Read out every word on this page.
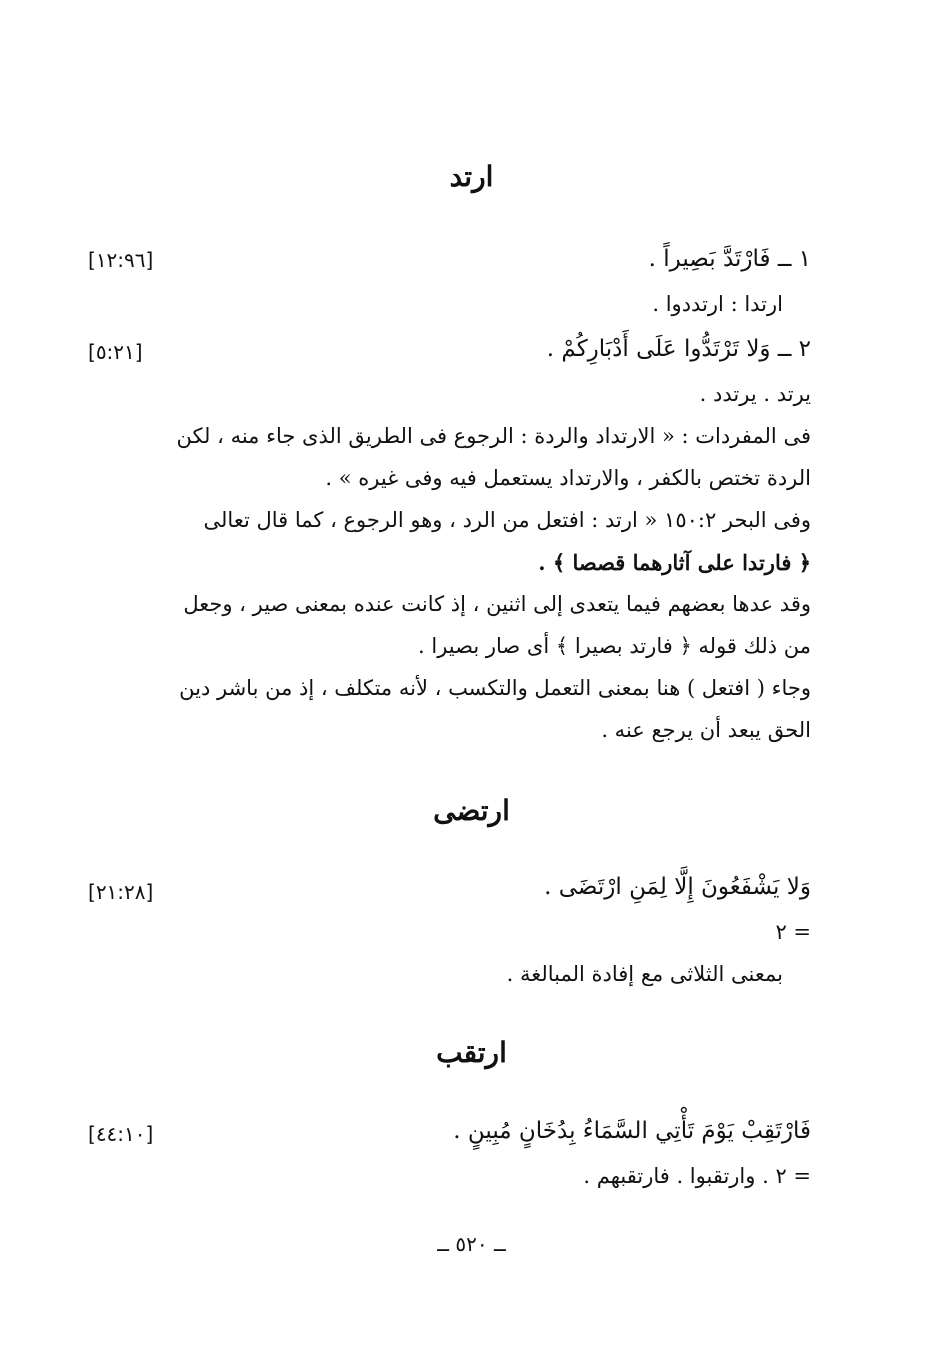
ارتد
١ ــ فَارْتَدَّ بَصِيراً .
[١٢:٩٦]
ارتدا : ارتددوا .
٢ ــ وَلا تَرْتَدُّوا عَلَى أَدْبَارِكُمْ .
[٥:٢١]
يرتد . يرتدد .
فى المفردات : « الارتداد والردة : الرجوع فى الطريق الذى جاء منه ، لكن
الردة تختص بالكفر ، والارتداد يستعمل فيه وفى غيره » .
وفى البحر ١٥٠:٢ « ارتد : افتعل من الرد ، وهو الرجوع ، كما قال تعالى
﴿ فارتدا على آثارهما قصصا ﴾ .
وقد عدها بعضهم فيما يتعدى إلى اثنين ، إذ كانت عنده بمعنى صير ، وجعل
من ذلك قوله ﴿ فارتد بصيرا ﴾ أى صار بصيرا .
وجاء ( افتعل ) هنا بمعنى التعمل والتكسب ، لأنه متكلف ، إذ من باشر دين
الحق يبعد أن يرجع عنه .
ارتضى
وَلا يَشْفَعُونَ إِلَّا لِمَنِ ارْتَضَى .
[٢١:٢٨]
= ٢
بمعنى الثلاثى مع إفادة المبالغة .
ارتقب
فَارْتَقِبْ يَوْمَ تَأْتِي السَّمَاءُ بِدُخَانٍ مُبِينٍ .
[٤٤:١٠]
= ٢ . وارتقبوا . فارتقبهم .
ــ ٥٢٠ ــ
